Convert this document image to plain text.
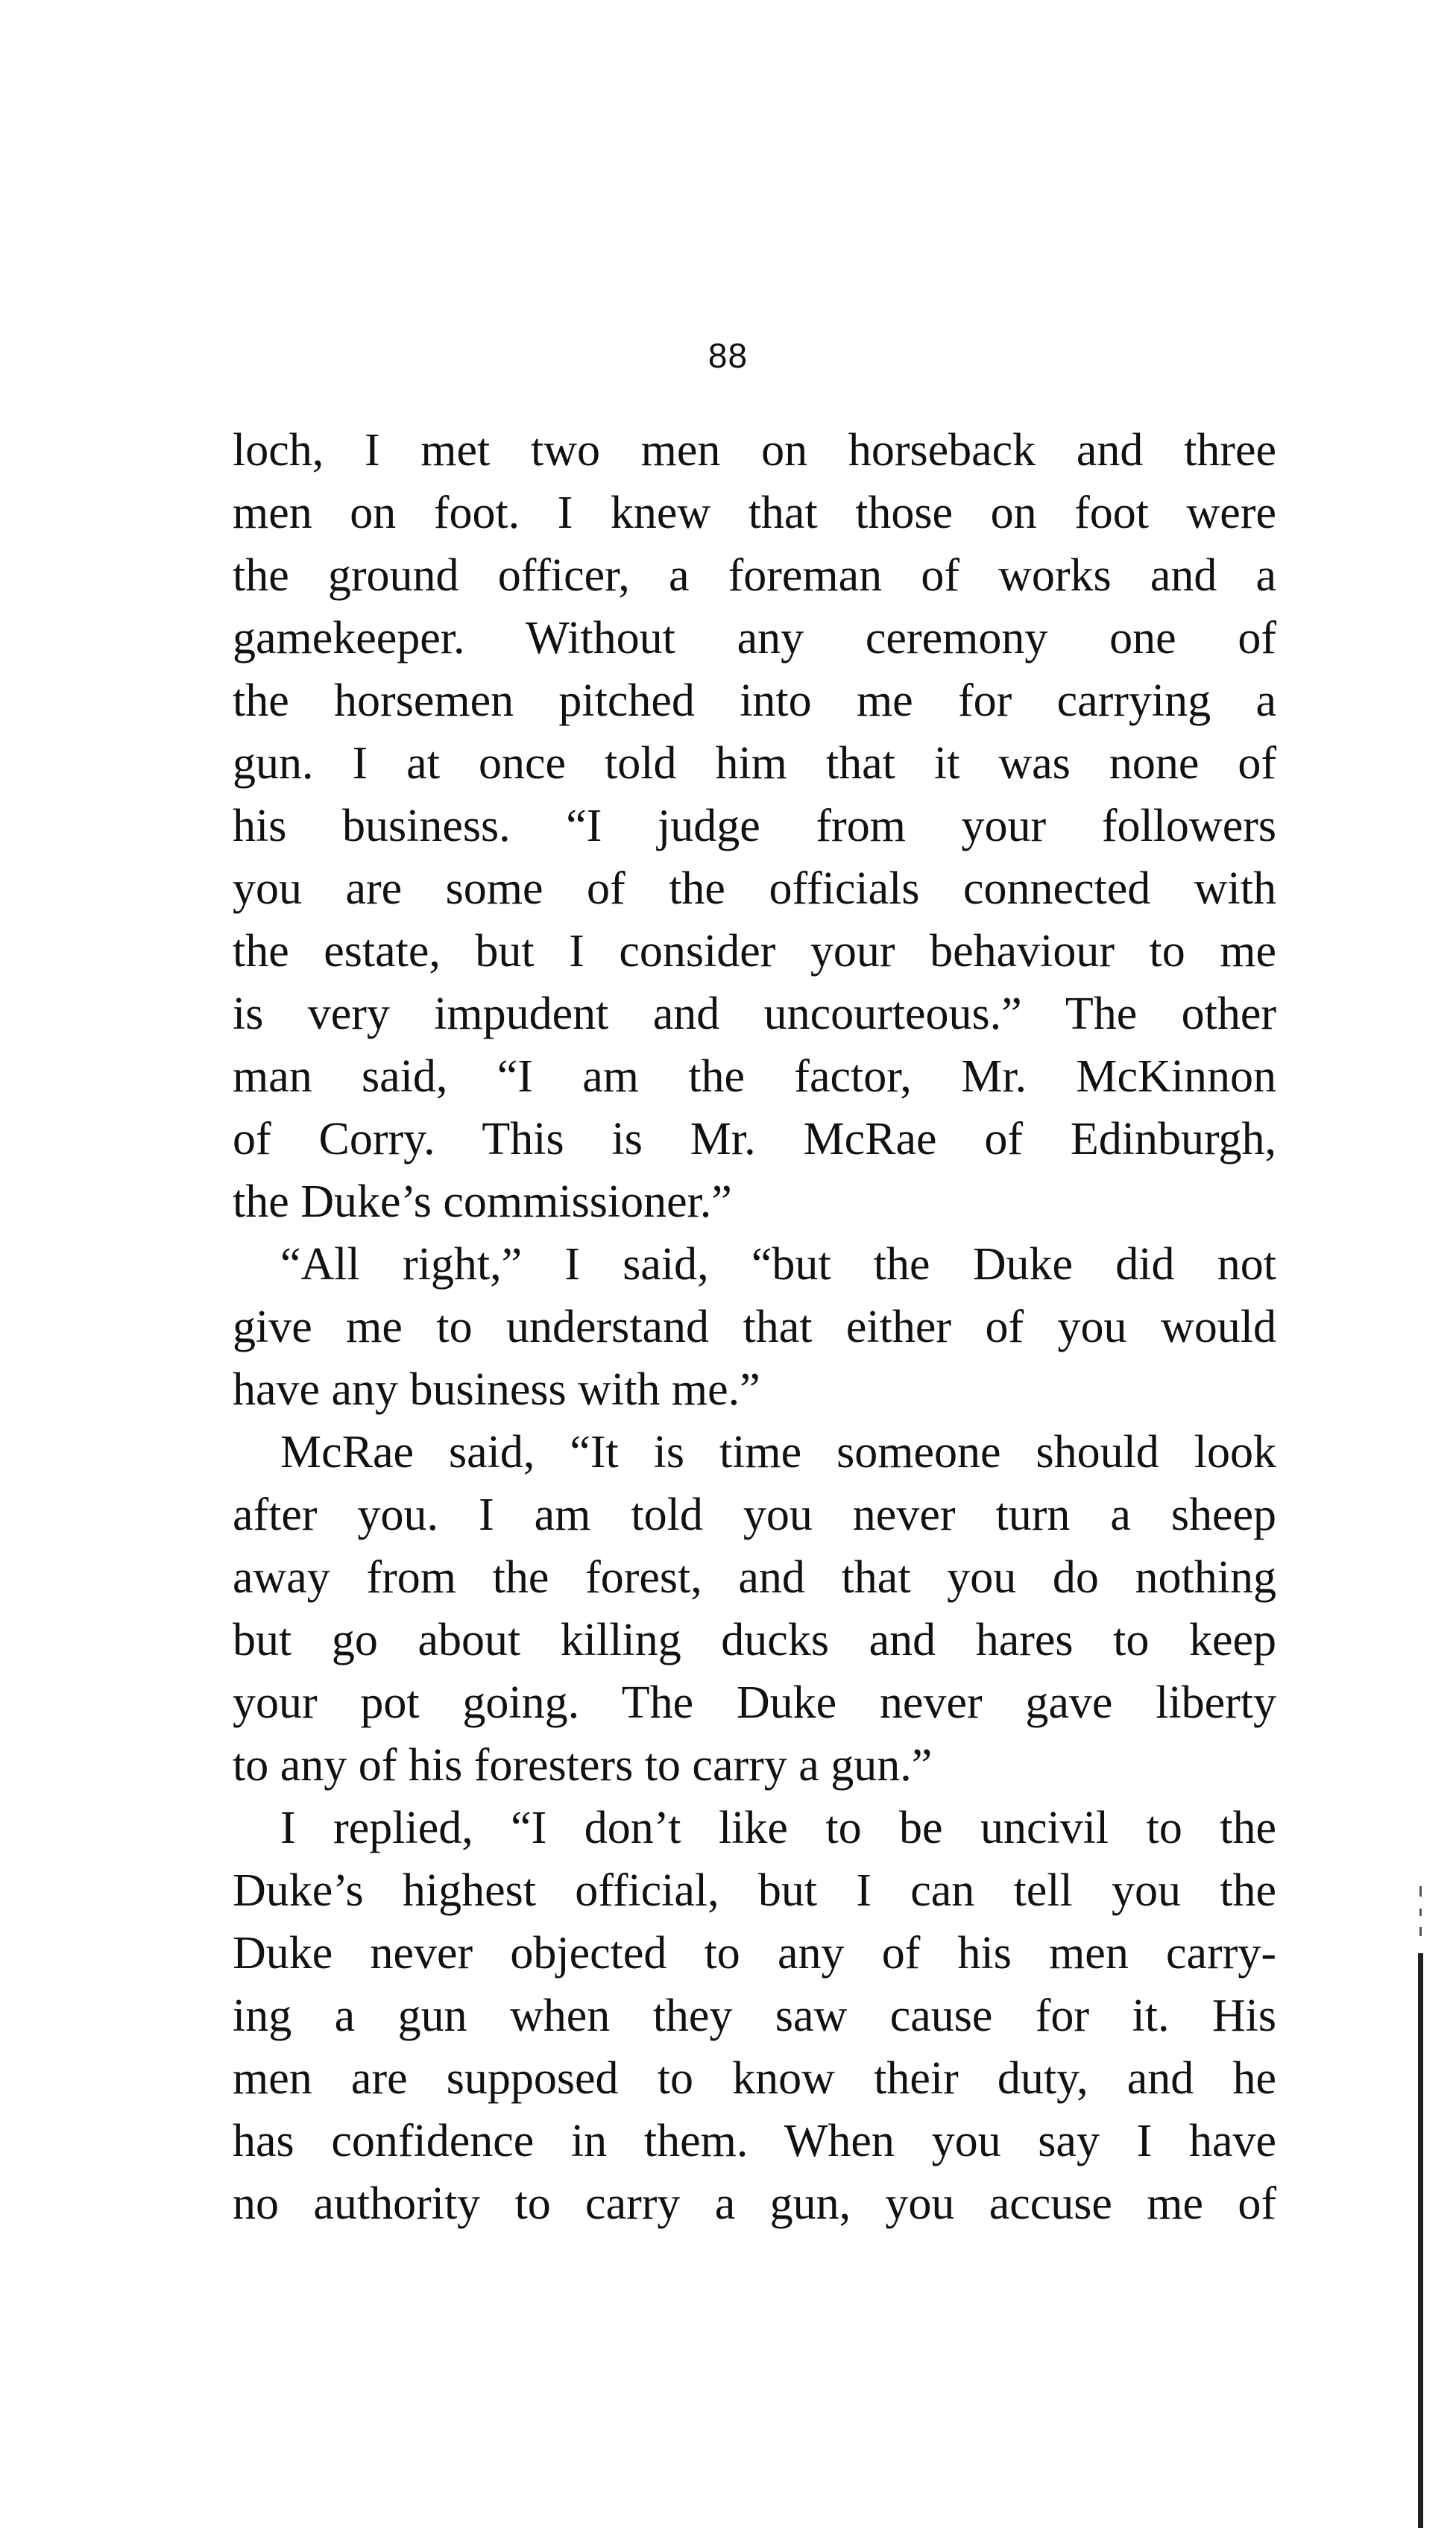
88
loch, I met two men on horseback and three
men on foot. I knew that those on foot were
the ground officer, a foreman of works and a
gamekeeper. Without any ceremony one of
the horsemen pitched into me for carrying a
gun. I at once told him that it was none of
his business. “I judge from your followers
you are some of the officials connected with
the estate, but I consider your behaviour to me
is very impudent and uncourteous.” The other
man said, “I am the factor, Mr. McKinnon
of Corry. This is Mr. McRae of Edinburgh,
the Duke’s commissioner.”
“All right,” I said, “but the Duke did not
give me to understand that either of you would
have any business with me.”
McRae said, “It is time someone should look
after you. I am told you never turn a sheep
away from the forest, and that you do nothing
but go about killing ducks and hares to keep
your pot going. The Duke never gave liberty
to any of his foresters to carry a gun.”
I replied, “I don’t like to be uncivil to the
Duke’s highest official, but I can tell you the
Duke never objected to any of his men carry-
ing a gun when they saw cause for it. His
men are supposed to know their duty, and he
has confidence in them. When you say I have
no authority to carry a gun, you accuse me of
